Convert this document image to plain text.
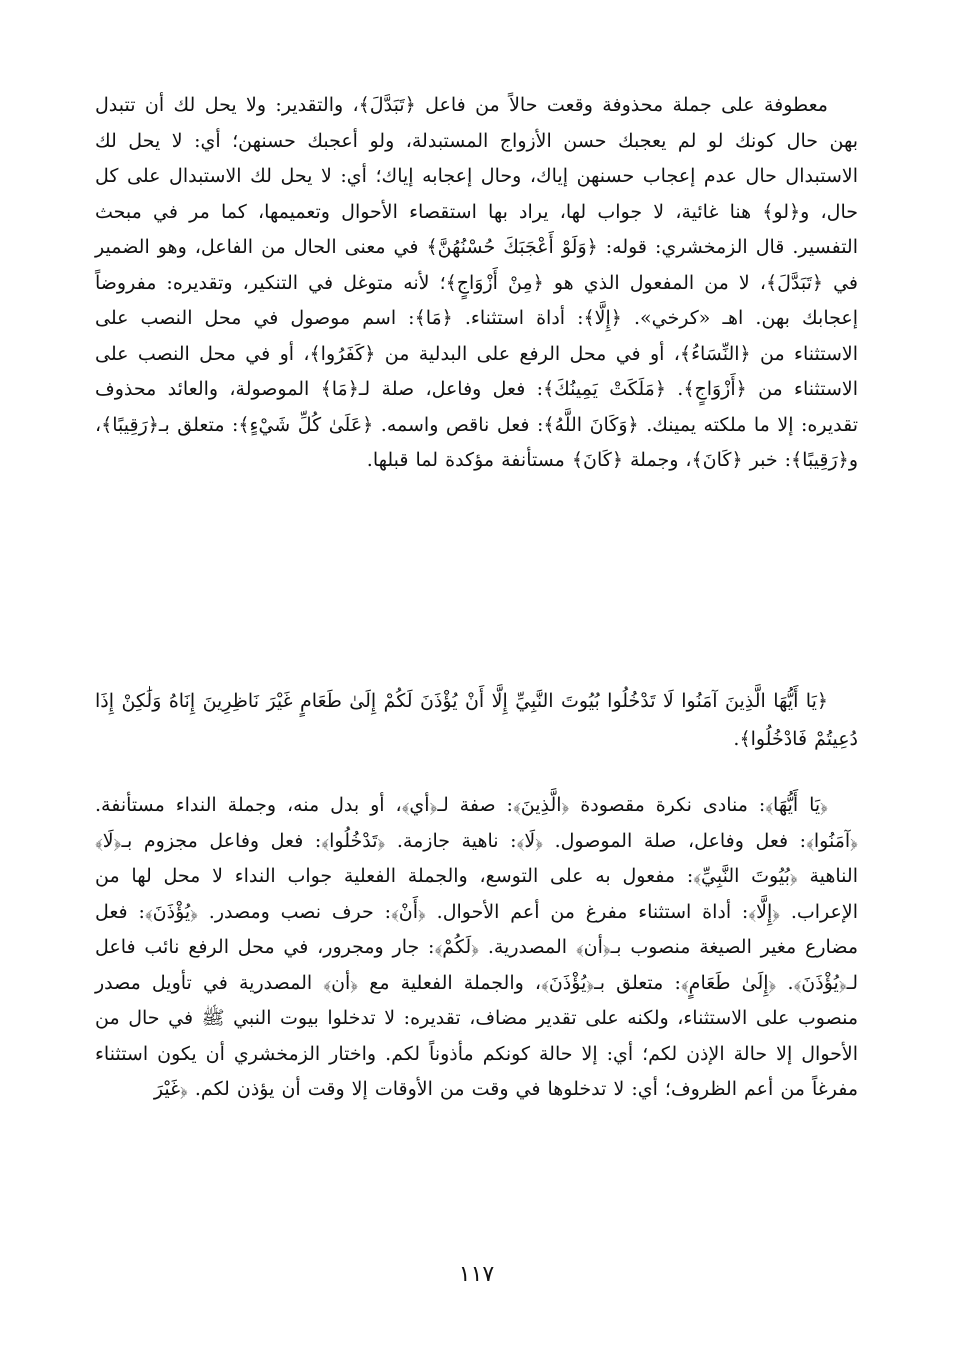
معطوفة على جملة محذوفة وقعت حالاً من فاعل ﴿تَبَدَّلَ﴾، والتقدير: ولا يحل لك أن تتبدل بهن حال كونك لو لم يعجبك حسن الأزواج المستبدلة، ولو أعجبك حسنهن؛ أي: لا يحل لك الاستبدال حال عدم إعجاب حسنهن إياك، وحال إعجابه إياك؛ أي: لا يحل لك الاستبدال على كل حال، و﴿لو﴾ هنا غائية، لا جواب لها، يراد بها استقصاء الأحوال وتعميمها، كما مر في مبحث التفسير. قال الزمخشري: قوله: ﴿وَلَوْ أَعْجَبَكَ حُسْنُهُنَّ﴾ في معنى الحال من الفاعل، وهو الضمير في ﴿تَبَدَّلَ﴾، لا من المفعول الذي هو ﴿مِنْ أَزْوَاجٍ﴾؛ لأنه متوغل في التنكير، وتقديره: مفروضاً إعجابك بهن. اهـ «كرخي». ﴿إِلَّا﴾: أداة استثناء. ﴿مَا﴾: اسم موصول في محل النصب على الاستثناء من ﴿النِّسَاءُ﴾، أو في محل الرفع على البدلية من ﴿كَفَرُوا﴾، أو في محل النصب على الاستثناء من ﴿أَزْوَاجٍ﴾. ﴿مَلَكَتْ يَمِينُكَ﴾: فعل وفاعل، صلة لـ﴿مَا﴾ الموصولة، والعائد محذوف تقديره: إلا ما ملكته يمينك. ﴿وَكَانَ اللَّهُ﴾: فعل ناقص واسمه. ﴿عَلَىٰ كُلِّ شَيْءٍ﴾: متعلق بـ﴿رَقِيبًا﴾، و﴿رَقِيبًا﴾: خبر ﴿كَانَ﴾، وجملة ﴿كَانَ﴾ مستأنفة مؤكدة لما قبلها.

﴿يَا أَيُّهَا الَّذِينَ آمَنُوا لَا تَدْخُلُوا بُيُوتَ النَّبِيِّ إِلَّا أَنْ يُؤْذَنَ لَكُمْ إِلَىٰ طَعَامٍ غَيْرَ نَاظِرِينَ إِنَاهُ وَلَٰكِنْ إِذَا دُعِيتُمْ فَادْخُلُوا﴾.

﴿يَا أَيُّهَا﴾: منادى نكرة مقصودة ﴿الَّذِينَ﴾: صفة لـ﴿أي﴾، أو بدل منه، وجملة النداء مستأنفة. ﴿آمَنُوا﴾: فعل وفاعل، صلة الموصول. ﴿لَا﴾: ناهية جازمة. ﴿تَدْخُلُوا﴾: فعل وفاعل مجزوم بـ﴿لَا﴾ الناهية ﴿بُيُوتَ النَّبِيِّ﴾: مفعول به على التوسع، والجملة الفعلية جواب النداء لا محل لها من الإعراب. ﴿إِلَّا﴾: أداة استثناء مفرغ من أعم الأحوال. ﴿أَنْ﴾: حرف نصب ومصدر. ﴿يُؤْذَنَ﴾: فعل مضارع مغير الصيغة منصوب بـ﴿أن﴾ المصدرية. ﴿لَكُمْ﴾: جار ومجرور، في محل الرفع نائب فاعل لـ﴿يُؤْذَنَ﴾. ﴿إِلَىٰ طَعَامٍ﴾: متعلق بـ﴿يُؤْذَنَ﴾، والجملة الفعلية مع ﴿أن﴾ المصدرية في تأويل مصدر منصوب على الاستثناء، ولكنه على تقدير مضاف، تقديره: لا تدخلوا بيوت النبي ﷺ في حال من الأحوال إلا حالة الإذن لكم؛ أي: إلا حالة كونكم مأذوناً لكم. واختار الزمخشري أن يكون استثناء مفرغاً من أعم الظروف؛ أي: لا تدخلوها في وقت من الأوقات إلا وقت أن يؤذن لكم. ﴿غَيْرَ

١١٧
